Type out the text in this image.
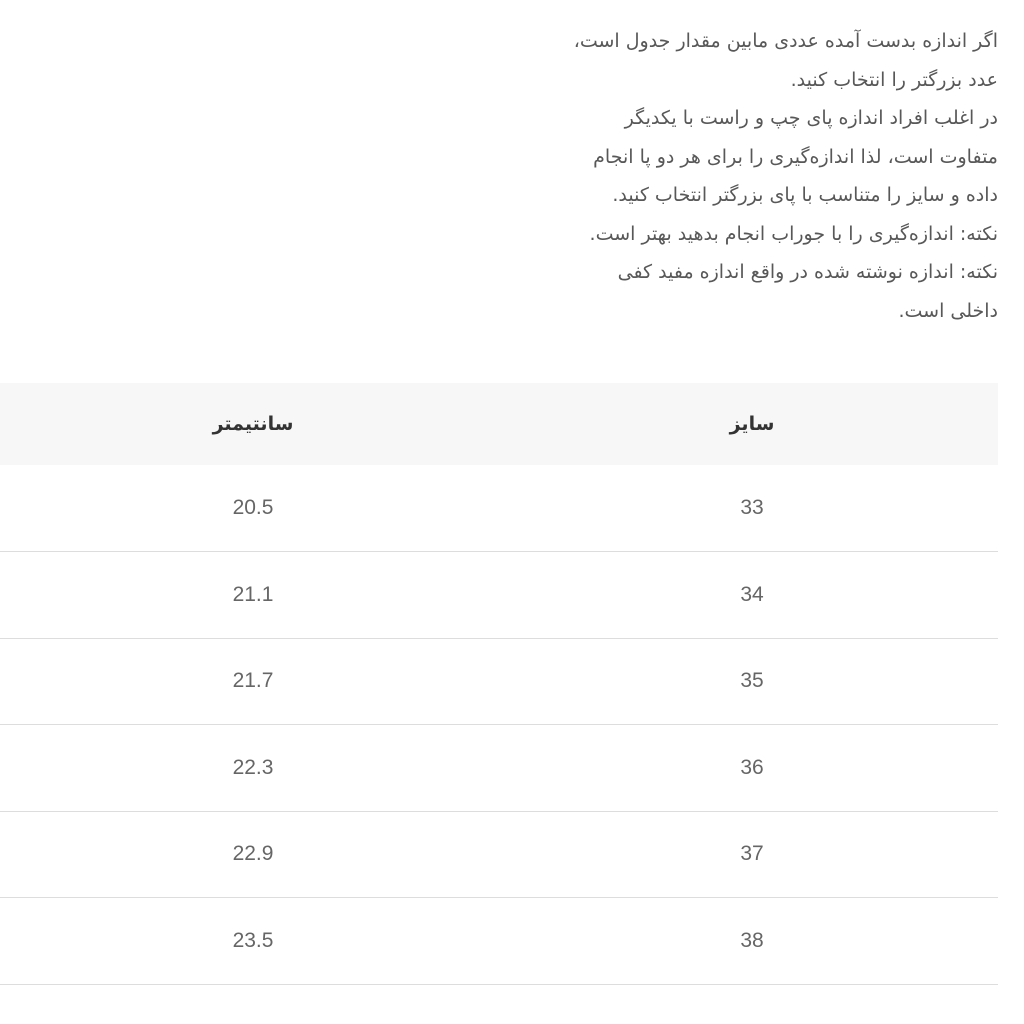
اگر اندازه بدست آمده عددی مابین مقدار جدول است،
عدد بزرگتر را انتخاب کنید.
در اغلب افراد اندازه پای چپ و راست با یکدیگر
متفاوت است، لذا اندازه‌گیری را برای هر دو پا انجام
داده و سایز را متناسب با پای بزرگتر انتخاب کنید.
نکته: اندازه‌گیری را با جوراب انجام بدهید بهتر است.
نکته: اندازه نوشته شده در واقع اندازه مفید کفی
داخلی است.
سایز	سانتیمتر
33	20.5
34	21.1
35	21.7
36	22.3
37	22.9
38	23.5
